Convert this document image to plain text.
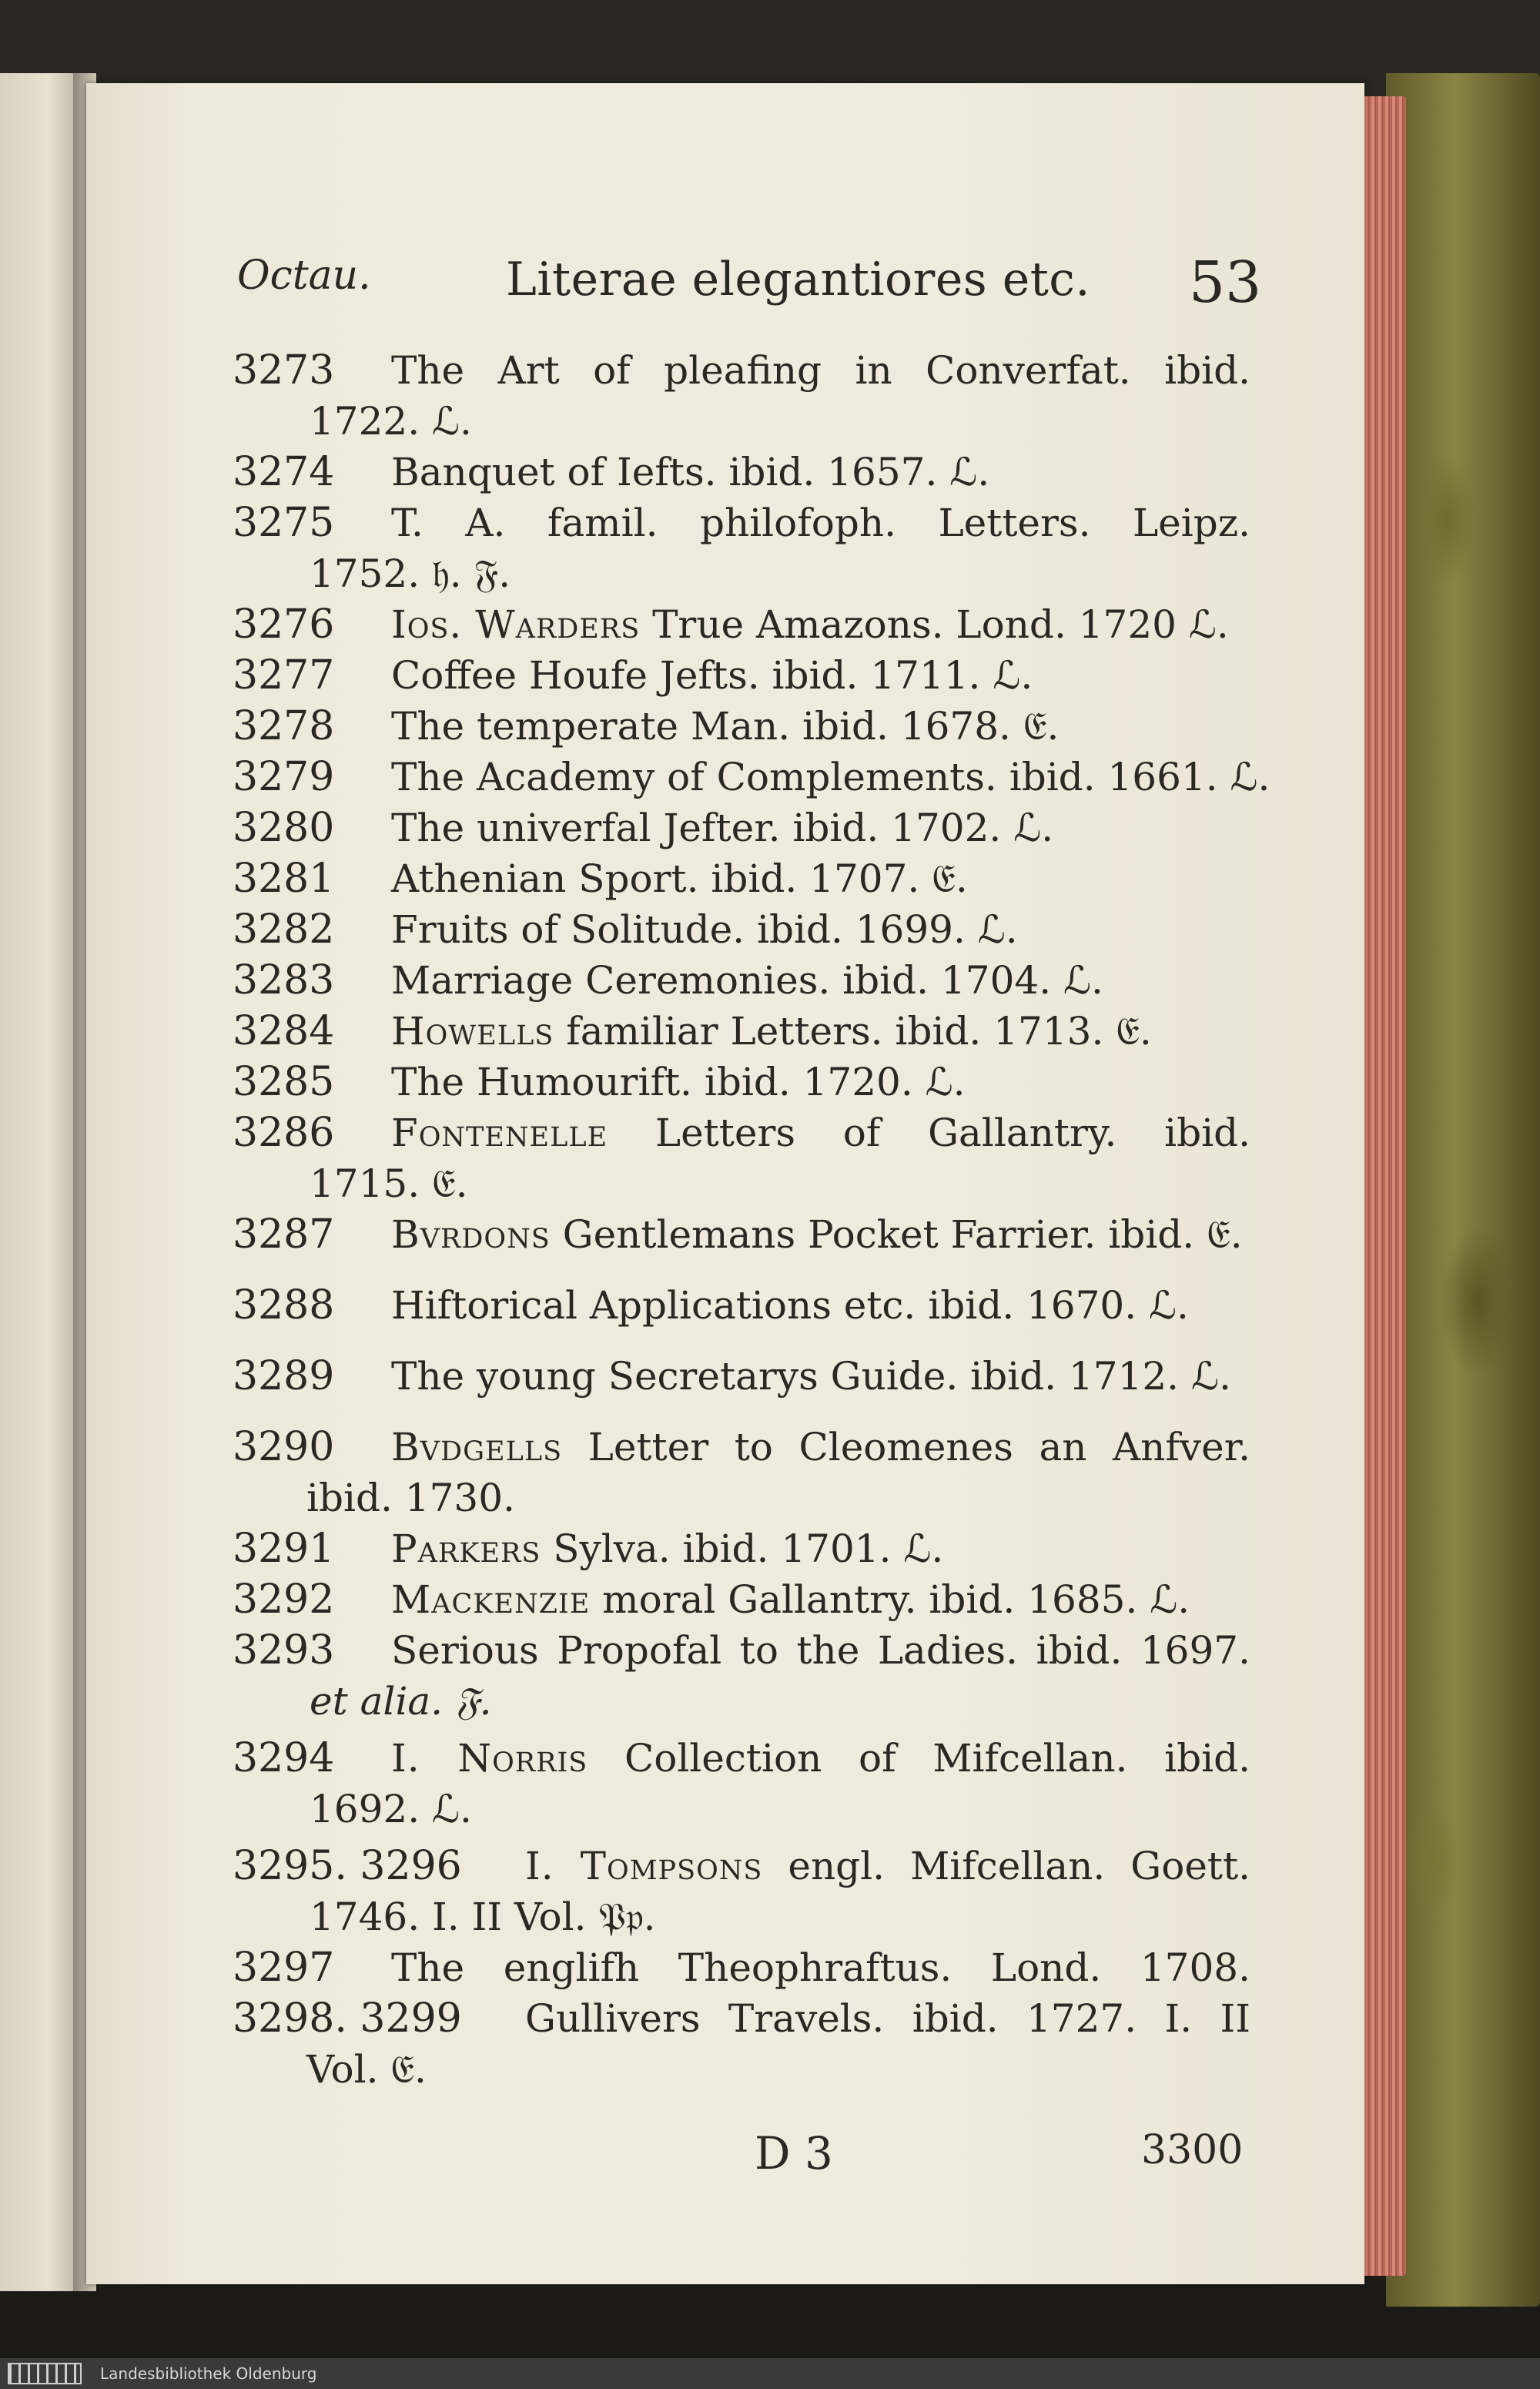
Octau.	Literae elegantiores etc. 53
3273 The Art of pleafing in Converfat. ibid.
1722. ℒ.
3274 Banquet of Iefts. ibid. 1657. ℒ.
3275 T. A. famil. philofoph. Letters. Leipz.
1752. 𝔥. 𝔉.
3276 Ios. Warders True Amazons. Lond. 1720 ℒ.
3277 Coffee Houfe Jefts. ibid. 1711. ℒ.
3278 The temperate Man. ibid. 1678. 𝔈.
3279 The Academy of Complements. ibid. 1661. ℒ.
3280 The univerfal Jefter. ibid. 1702. ℒ.
3281 Athenian Sport. ibid. 1707. 𝔈.
3282 Fruits of Solitude. ibid. 1699. ℒ.
3283 Marriage Ceremonies. ibid. 1704. ℒ.
3284 Howells familiar Letters. ibid. 1713. 𝔈.
3285 The Humourift. ibid. 1720. ℒ.
3286 Fontenelle Letters of Gallantry. ibid.
1715. 𝔈.
3287 Bvrdons Gentlemans Pocket Farrier. ibid. 𝔈.
3288 Hiftorical Applications etc. ibid. 1670. ℒ.
3289 The young Secretarys Guide. ibid. 1712. ℒ.
3290 Bvdgells Letter to Cleomenes an Anfver.
ibid. 1730.
3291 Parkers Sylva. ibid. 1701. ℒ.
3292 Mackenzie moral Gallantry. ibid. 1685. ℒ.
3293 Serious Propofal to the Ladies. ibid. 1697.
et alia. 𝔉.
3294 I. Norris Collection of Mifcellan. ibid.
1692. ℒ.
3295. 3296 I. Tompsons engl. Mifcellan. Goett.
1746. I. II Vol. 𝔓𝔭.
3297 The englifh Theophraftus. Lond. 1708.
3298. 3299 Gullivers Travels. ibid. 1727. I. II
Vol. 𝔈.
D 3	3300
Landesbibliothek Oldenburg
